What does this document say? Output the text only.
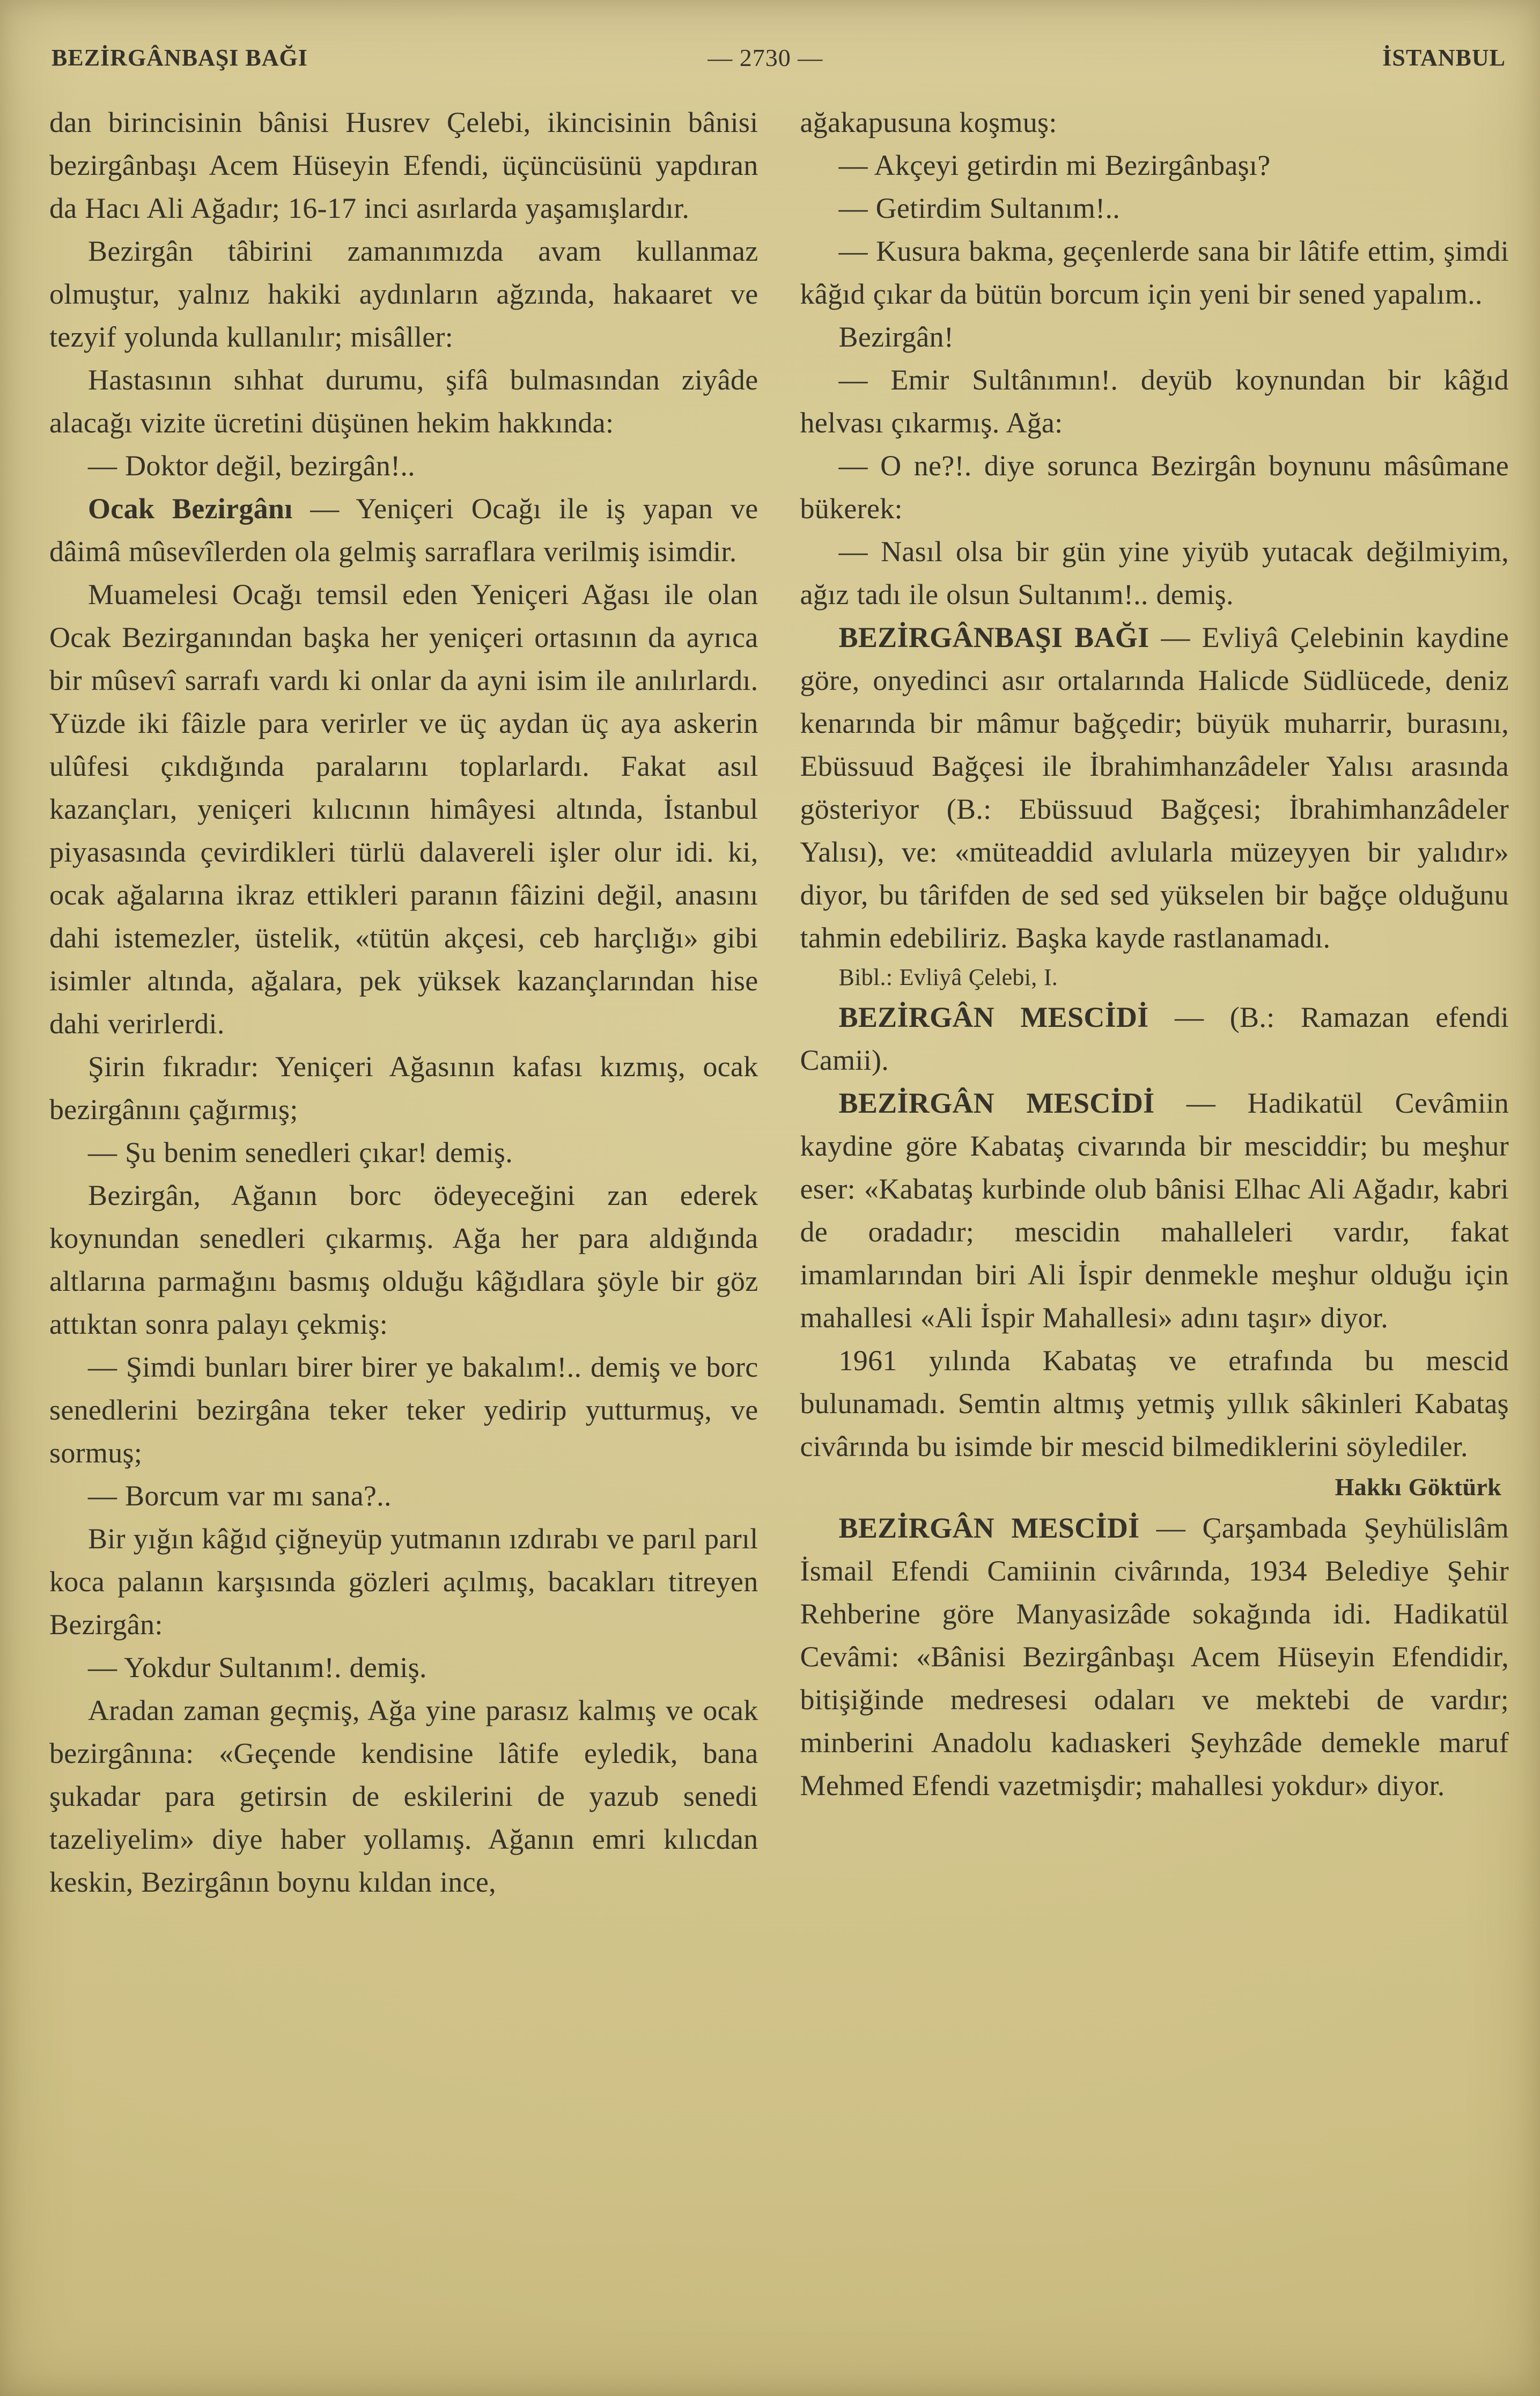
BEZİRGÂNBAŞI BAĞI	— 2730 —	İSTANBUL

dan birincisinin bânisi Husrev Çelebi, ikincisinin bânisi bezirgânbaşı Acem Hüseyin Efendi, üçüncüsünü yapdıran da Hacı Ali Ağadır; 16-17 inci asırlarda yaşamışlardır.

Bezirgân tâbirini zamanımızda avam kullanmaz olmuştur, yalnız hakiki aydınların ağzında, hakaaret ve tezyif yolunda kullanılır; misâller:

Hastasının sıhhat durumu, şifâ bulmasından ziyâde alacağı vizite ücretini düşünen hekim hakkında:

— Doktor değil, bezirgân!..

Ocak Bezirgânı — Yeniçeri Ocağı ile iş yapan ve dâimâ mûsevîlerden ola gelmiş sarraflara verilmiş isimdir.

Muamelesi Ocağı temsil eden Yeniçeri Ağası ile olan Ocak Bezirganından başka her yeniçeri ortasının da ayrıca bir mûsevî sarrafı vardı ki onlar da ayni isim ile anılırlardı. Yüzde iki fâizle para verirler ve üç aydan üç aya askerin ulûfesi çıkdığında paralarını toplarlardı. Fakat asıl kazançları, yeniçeri kılıcının himâyesi altında, İstanbul piyasasında çevirdikleri türlü dalavereli işler olur idi. ki, ocak ağalarına ikraz ettikleri paranın fâizini değil, anasını dahi istemezler, üstelik, «tütün akçesi, ceb harçlığı» gibi isimler altında, ağalara, pek yüksek kazançlarından hise dahi verirlerdi.

Şirin fıkradır: Yeniçeri Ağasının kafası kızmış, ocak bezirgânını çağırmış;

— Şu benim senedleri çıkar! demiş.

Bezirgân, Ağanın borc ödeyeceğini zan ederek koynundan senedleri çıkarmış. Ağa her para aldığında altlarına parmağını basmış olduğu kâğıdlara şöyle bir göz attıktan sonra palayı çekmiş:

— Şimdi bunları birer birer ye bakalım!.. demiş ve borc senedlerini bezirgâna teker teker yedirip yutturmuş, ve sormuş;

— Borcum var mı sana?..

Bir yığın kâğıd çiğneyüp yutmanın ızdırabı ve parıl parıl koca palanın karşısında gözleri açılmış, bacakları titreyen Bezirgân:

— Yokdur Sultanım!. demiş.

Aradan zaman geçmiş, Ağa yine parasız kalmış ve ocak bezirgânına: «Geçende kendisine lâtife eyledik, bana şukadar para getirsin de eskilerini de yazub senedi tazeliyelim» diye haber yollamış. Ağanın emri kılıcdan keskin, Bezirgânın boynu kıldan ince,

ağakapusuna koşmuş:

— Akçeyi getirdin mi Bezirgânbaşı?

— Getirdim Sultanım!..

— Kusura bakma, geçenlerde sana bir lâtife ettim, şimdi kâğıd çıkar da bütün borcum için yeni bir sened yapalım..

Bezirgân!

— Emir Sultânımın!. deyüb koynundan bir kâğıd helvası çıkarmış. Ağa:

— O ne?!. diye sorunca Bezirgân boynunu mâsûmane bükerek:

— Nasıl olsa bir gün yine yiyüb yutacak değilmiyim, ağız tadı ile olsun Sultanım!.. demiş.

BEZİRGÂNBAŞI BAĞI — Evliyâ Çelebinin kaydine göre, onyedinci asır ortalarında Halicde Südlücede, deniz kenarında bir mâmur bağçedir; büyük muharrir, burasını, Ebüssuud Bağçesi ile İbrahimhanzâdeler Yalısı arasında gösteriyor (B.: Ebüssuud Bağçesi; İbrahimhanzâdeler Yalısı), ve: «müteaddid avlularla müzeyyen bir yalıdır» diyor, bu târifden de sed sed yükselen bir bağçe olduğunu tahmin edebiliriz. Başka kayde rastlanamadı.

Bibl.: Evliyâ Çelebi, I.

BEZİRGÂN MESCİDİ — (B.: Ramazan efendi Camii).

BEZİRGÂN MESCİDİ — Hadikatül Cevâmiin kaydine göre Kabataş civarında bir mesciddir; bu meşhur eser: «Kabataş kurbinde olub bânisi Elhac Ali Ağadır, kabri de oradadır; mescidin mahalleleri vardır, fakat imamlarından biri Ali İspir denmekle meşhur olduğu için mahallesi «Ali İspir Mahallesi» adını taşır» diyor.

1961 yılında Kabataş ve etrafında bu mescid bulunamadı. Semtin altmış yetmiş yıllık sâkinleri Kabataş civârında bu isimde bir mescid bilmediklerini söylediler.

Hakkı Göktürk

BEZİRGÂN MESCİDİ — Çarşambada Şeyhülislâm İsmail Efendi Camiinin civârında, 1934 Belediye Şehir Rehberine göre Manyasizâde sokağında idi. Hadikatül Cevâmi: «Bânisi Bezirgânbaşı Acem Hüseyin Efendidir, bitişiğinde medresesi odaları ve mektebi de vardır; minberini Anadolu kadıaskeri Şeyhzâde demekle maruf Mehmed Efendi vazetmişdir; mahallesi yokdur» diyor.
